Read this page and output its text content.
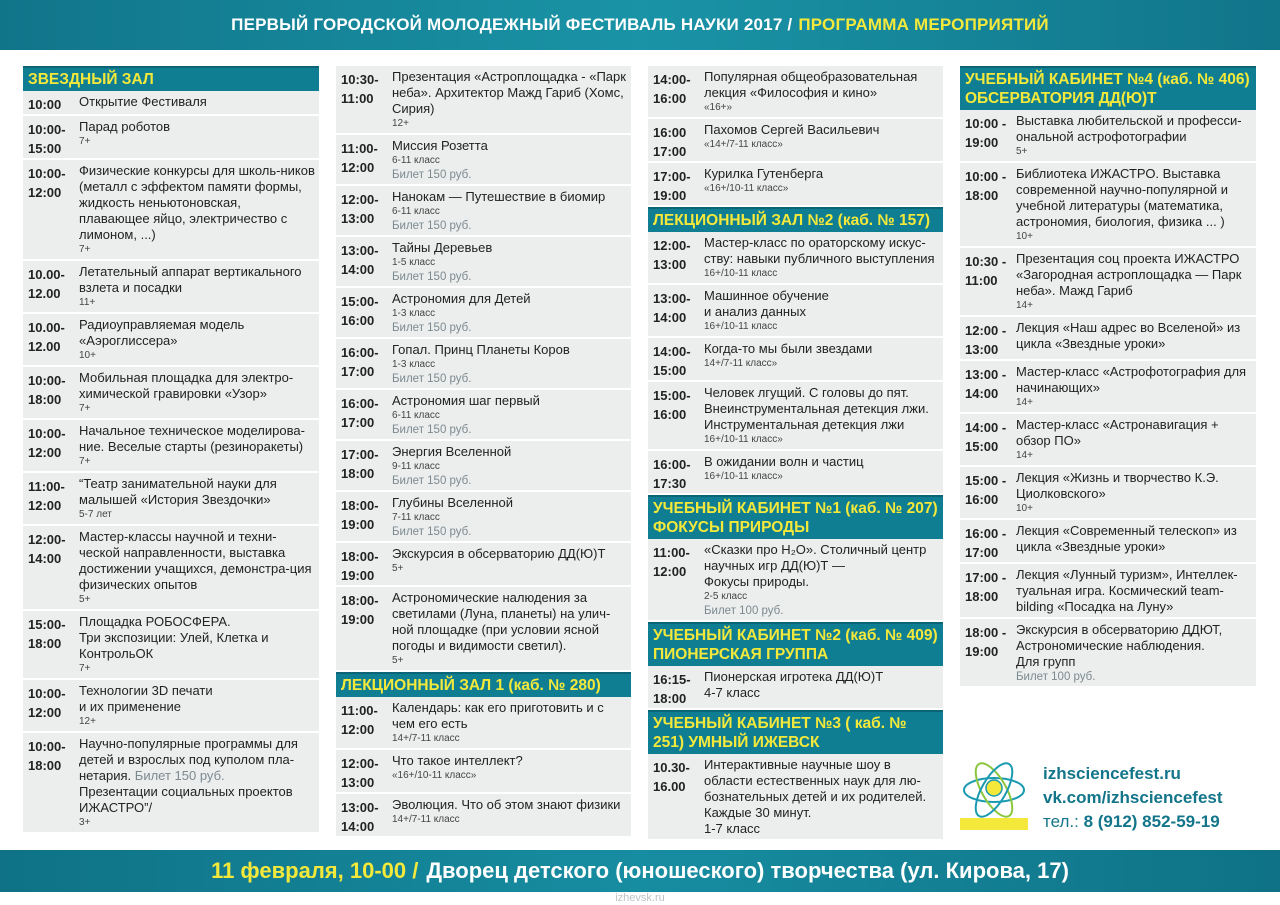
ПЕРВЫЙ ГОРОДСКОЙ МОЛОДЕЖНЫЙ ФЕСТИВАЛЬ НАУКИ 2017 / ПРОГРАММА МЕРОПРИЯТИЙ
ЗВЕЗДНЫЙ ЗАЛ
10:00	Открытие Фестиваля
10:00-
15:00
Парад роботов
7+
10:00-
12:00
Физические конкурсы для школь-ников (металл с эффектом памяти формы, жидкость неньютоновская, плавающее яйцо, электричество с лимоном, ...)
7+
10.00-
12.00
Летательный аппарат вертикального взлета и посадки
11+
10.00-
12.00
Радиоуправляемая модель «Аэроглиссера»
10+
10:00-
18:00
Мобильная площадка для электро-химической гравировки «Узор»
7+
10:00-
12:00
Начальное техническое моделирова-ние. Веселые старты (резиноракеты)
7+
11:00-
12:00
“Театр занимательной науки для малышей «История Звездочки»
5-7 лет
12:00-
14:00
Мастер-классы научной и техни-ческой направленности, выставка достижении учащихся, демонстра-ция физических опытов
5+
15:00-
18:00
Площадка РОБОСФЕРА.
Три экспозиции: Улей, Клетка и КонтрольОК
7+
10:00-
12:00
Технологии 3D печати
и их применение
12+
10:00-
18:00
Научно-популярные программы для детей и взрослых под куполом пла-нетария. Билет 150 руб.
Презентации социальных проектов ИЖАСТРО”/
3+
10:30-
11:00
Презентация «Астроплощадка - «Парк неба». Архитектор Мажд Гариб (Хомс, Сирия)
12+
11:00-
12:00
Миссия Розетта
6-11 класс
Билет 150 руб.
12:00-
13:00
Нанокам — Путешествие в биомир
6-11 класс
Билет 150 руб.
13:00-
14:00
Тайны Деревьев
1-5 класс
Билет 150 руб.
15:00-
16:00
Астрономия для Детей
1-3 класс
Билет 150 руб.
16:00-
17:00
Гопал. Принц Планеты Коров
1-3 класс
Билет 150 руб.
16:00-
17:00
Астрономия шаг первый
6-11 класс
Билет 150 руб.
17:00-
18:00
Энергия Вселенной
9-11 класс
Билет 150 руб.
18:00-
19:00
Глубины Вселенной
7-11 класс
Билет 150 руб.
18:00-
19:00
Экскурсия в обсерваторию ДД(Ю)Т
5+
18:00-
19:00
Астрономические налюдения за светилами (Луна, планеты) на улич-ной площадке (при условии ясной погоды и видимости светил).
5+
ЛЕКЦИОННЫЙ ЗАЛ 1 (каб. № 280)
11:00-
12:00
Календарь: как его приготовить и с чем его есть
14+/7-11 класс
12:00-
13:00
Что такое интеллект?
«16+/10-11 класс»
13:00-
14:00
Эволюция. Что об этом знают физики
14+/7-11 класс
14:00-
16:00
Популярная общеобразовательная лекция «Философия и кино»
«16+»
16:00
17:00
Пахомов Сергей Васильевич
«14+/7-11 класс»
17:00-
19:00
Курилка Гутенберга
«16+/10-11 класс»
ЛЕКЦИОННЫЙ ЗАЛ №2 (каб. № 157)
12:00-
13:00
Мастер-класс по ораторскому искус-ству: навыки публичного выступления
16+/10-11 класс
13:00-
14:00
Машинное обучение
и анализ данных
16+/10-11 класс
14:00-
15:00
Когда-то мы были звездами
14+/7-11 класс»
15:00-
16:00
Человек лгущий. С головы до пят. Внеинструментальная детекция лжи. Инструментальная детекция лжи
16+/10-11 класс»
16:00-
17:30
В ожидании волн и частиц
16+/10-11 класс»
УЧЕБНЫЙ КАБИНЕТ №1 (каб. № 207) ФОКУСЫ ПРИРОДЫ
11:00-
12:00
«Сказки про H₂O». Столичный центр научных игр ДД(Ю)Т —
Фокусы природы.
2-5 класс
Билет 100 руб.
УЧЕБНЫЙ КАБИНЕТ №2 (каб. № 409) ПИОНЕРСКАЯ ГРУППА
16:15-
18:00
Пионерская игротека ДД(Ю)Т
4-7 класс
УЧЕБНЫЙ КАБИНЕТ №3 ( каб. № 251) УМНЫЙ ИЖЕВСК
10.30-
16.00
Интерактивные научные шоу в области естественных наук для лю-бознательных детей и их родителей. Каждые 30 минут.
1-7 класс
УЧЕБНЫЙ КАБИНЕТ №4 (каб. № 406) ОБСЕРВАТОРИЯ ДД(Ю)Т
10:00 -
19:00
Выставка любительской и професси-ональной астрофотографии
5+
10:00 -
18:00
Библиотека ИЖАСТРО. Выставка современной научно-популярной и учебной литературы (математика, астрономия, биология, физика ... )
10+
10:30 -
11:00
Презентация соц проекта ИЖАСТРО «Загородная астроплощадка — Парк неба». Мажд Гариб
14+
12:00 -
13:00
Лекция «Наш адрес во Вселеной» из цикла «Звездные уроки»
13:00 -
14:00
Мастер-класс «Астрофотография для начинающих»
14+
14:00 -
15:00
Мастер-класс «Астронавигация + обзор ПО»
14+
15:00 -
16:00
Лекция «Жизнь и творчество К.Э. Циолковского»
10+
16:00 -
17:00
Лекция «Современный телескоп» из цикла «Звездные уроки»
17:00 -
18:00
Лекция «Лунный туризм», Интеллек-туальная игра. Космический team-bilding «Посадка на Луну»
18:00 -
19:00
Экскурсия в обсерваторию ДДЮТ, Астрономические наблюдения.
Для групп
Билет 100 руб.
izhsciencefest.ru
vk.com/izhsciencefest
тел.: 8 (912) 852-59-19
11 февраля, 10-00 / Дворец детского (юношеского) творчества (ул. Кирова, 17)
izhevsk.ru
